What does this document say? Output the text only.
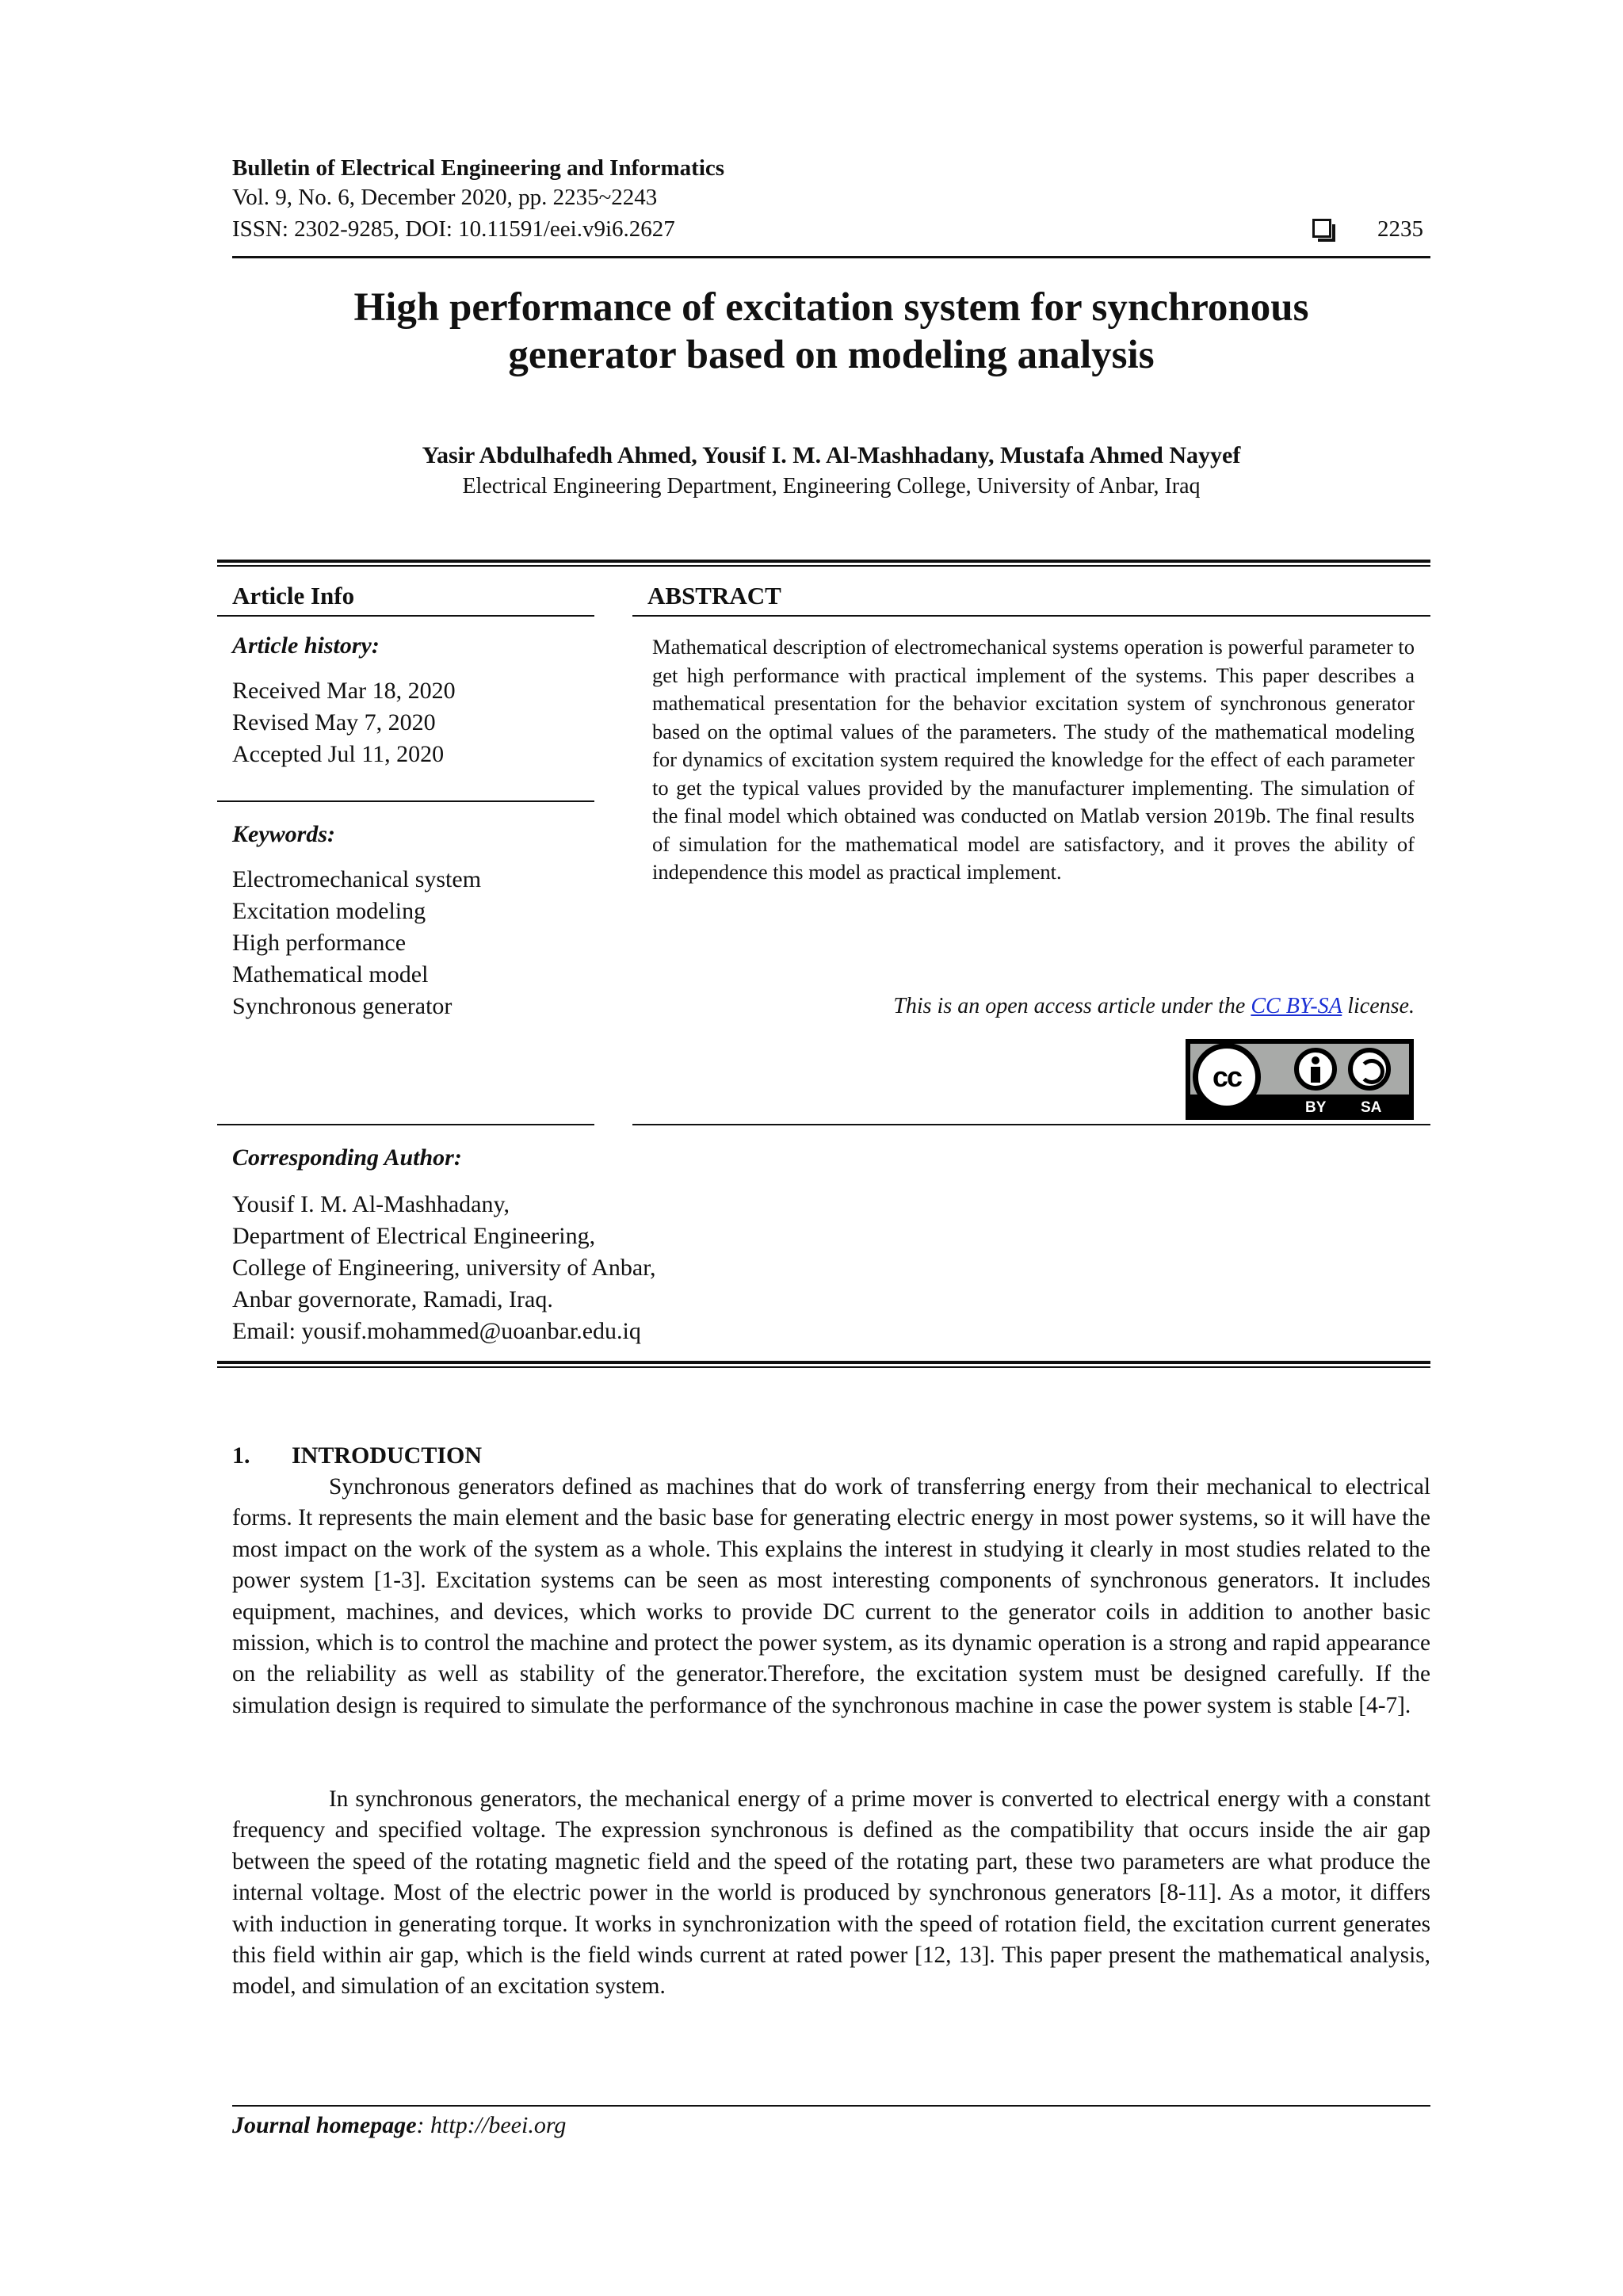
Bulletin of Electrical Engineering and Informatics
Vol. 9, No. 6, December 2020, pp. 2235~2243
ISSN: 2302-9285, DOI: 10.11591/eei.v9i6.2627	2235
High performance of excitation system for synchronous
generator based on modeling analysis
Yasir Abdulhafedh Ahmed, Yousif I. M. Al-Mashhadany, Mustafa Ahmed Nayyef
Electrical Engineering Department, Engineering College, University of Anbar, Iraq
Article Info
Article history:
Received Mar 18, 2020
Revised May 7, 2020
Accepted Jul 11, 2020
Keywords:
Electromechanical system
Excitation modeling
High performance
Mathematical model
Synchronous generator
ABSTRACT
Mathematical description of electromechanical systems operation is powerful parameter to get high performance with practical implement of the systems. This paper describes a mathematical presentation for the behavior excitation system of synchronous generator based on the optimal values of the parameters. The study of the mathematical modeling for dynamics of excitation system required the knowledge for the effect of each parameter to get the typical values provided by the manufacturer implementing. The simulation of the final model which obtained was conducted on Matlab version 2019b. The final results of simulation for the mathematical model are satisfactory, and it proves the ability of independence this model as practical implement.
This is an open access article under the CC BY-SA license.
cc
BY SA
Corresponding Author:
Yousif I. M. Al-Mashhadany,
Department of Electrical Engineering,
College of Engineering, university of Anbar,
Anbar governorate, Ramadi, Iraq.
Email: yousif.mohammed@uoanbar.edu.iq
1. INTRODUCTION

Synchronous generators defined as machines that do work of transferring energy from their mechanical to electrical forms. It represents the main element and the basic base for generating electric energy in most power systems, so it will have the most impact on the work of the system as a whole. This explains the interest in studying it clearly in most studies related to the power system [1-3]. Excitation systems can be seen as most interesting components of synchronous generators. It includes equipment, machines, and devices, which works to provide DC current to the generator coils in addition to another basic mission, which is to control the machine and protect the power system, as its dynamic operation is a strong and rapid appearance on the reliability as well as stability of the generator.Therefore, the excitation system must be designed carefully. If the simulation design is required to simulate the performance of the synchronous machine in case the power system is stable [4-7].

In synchronous generators, the mechanical energy of a prime mover is converted to electrical energy with a constant frequency and specified voltage. The expression synchronous is defined as the compatibility that occurs inside the air gap between the speed of the rotating magnetic field and the speed of the rotating part, these two parameters are what produce the internal voltage. Most of the electric power in the world is produced by synchronous generators [8-11]. As a motor, it differs with induction in generating torque. It works in synchronization with the speed of rotation field, the excitation current generates this field within air gap, which is the field winds current at rated power [12, 13]. This paper present the mathematical analysis, model, and simulation of an excitation system.

Journal homepage: http://beei.org
